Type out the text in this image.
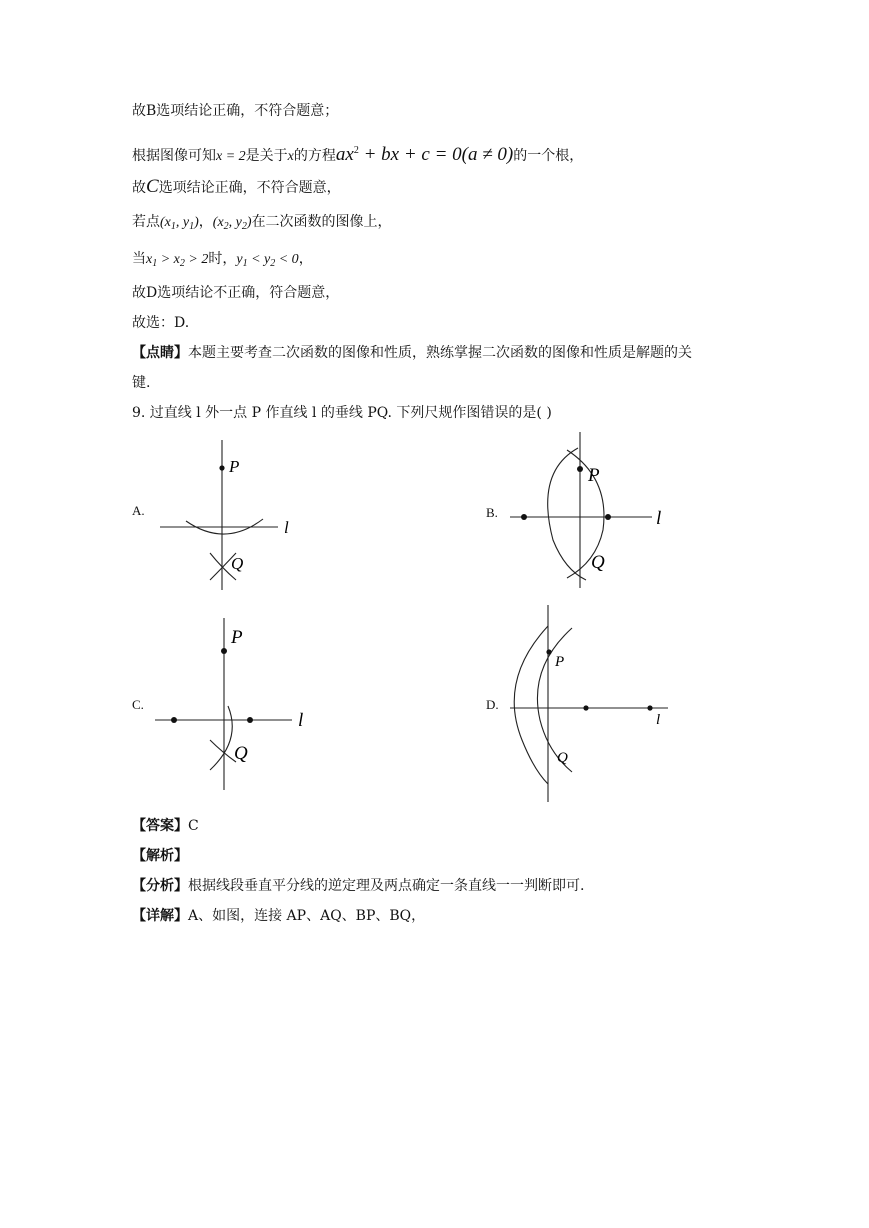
故B选项结论正确，不符合题意；
根据图像可知x = 2是关于x的方程$ax^2$ + bx + c = 0(a ≠ 0)的一个根，
故C选项结论正确，不符合题意，
若点($x_1$, $y_1$)，($x_2$, $y_2$)在二次函数的图像上，
当$x_1 > x_2 > 2$时，$y_1 < y_2 < 0$，
故D选项结论不正确，符合题意，
故选：D.
【点睛】本题主要考查二次函数的图像和性质，熟练掌握二次函数的图像和性质是解题的关
键.
9. 过直线 l 外一点 P 作直线 l 的垂线 PQ. 下列尺规作图错误的是( )
A.	B.
C.	D.
P
Q
l
P
Q
l
P
Q
l
P
Q
l
【答案】C
【解析】
【分析】根据线段垂直平分线的逆定理及两点确定一条直线一一判断即可.
【详解】A、如图，连接 AP、AQ、BP、BQ，
